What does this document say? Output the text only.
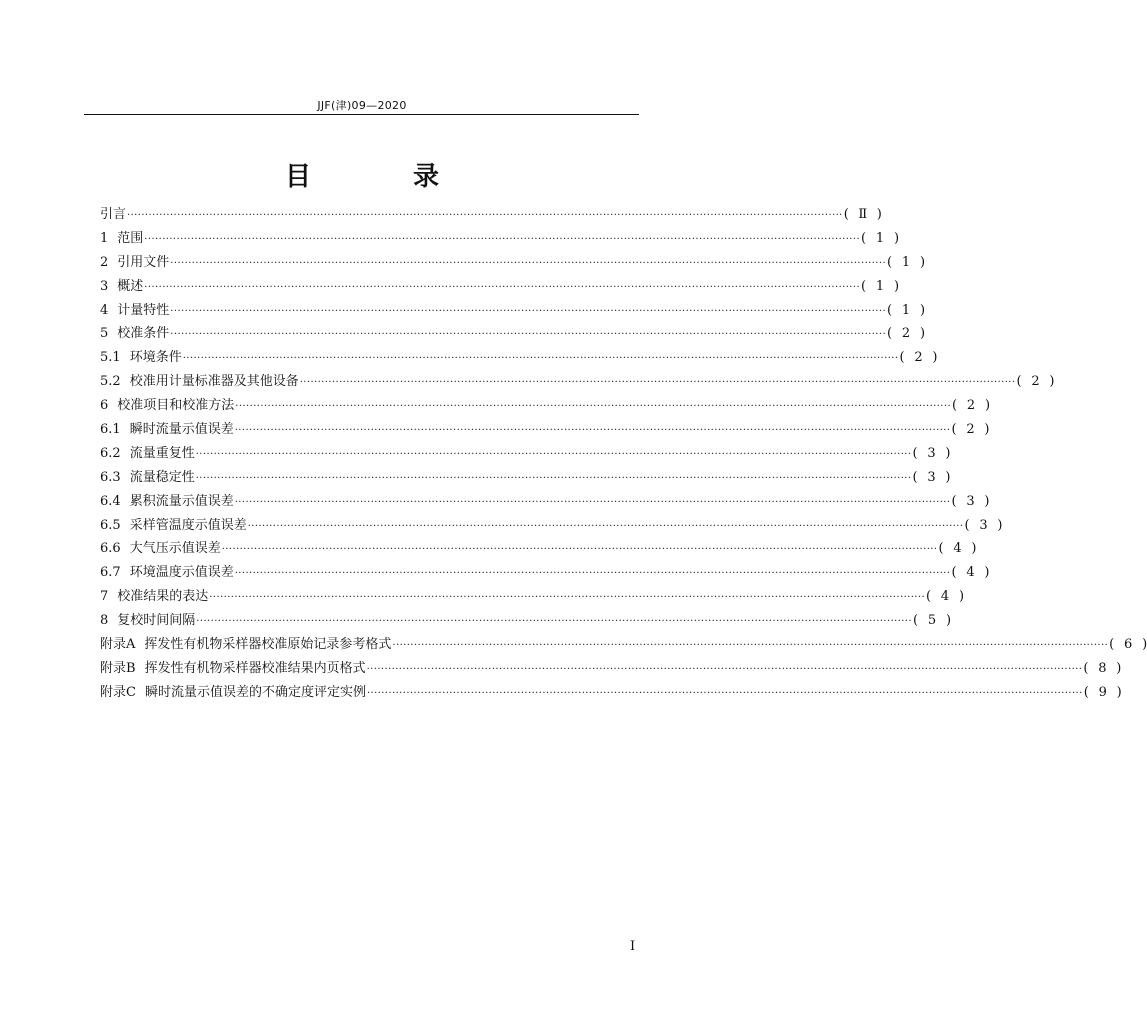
JJF(津)09—2020
目　录
引言 ········································································································································································································ ( Ⅱ )
1 范围 ········································································································································································································ ( 1 )
2 引用文件 ········································································································································································································ ( 1 )
3 概述 ········································································································································································································ ( 1 )
4 计量特性 ········································································································································································································ ( 1 )
5 校准条件 ········································································································································································································ ( 2 )
5.1 环境条件 ········································································································································································································ ( 2 )
5.2 校准用计量标准器及其他设备 ········································································································································································································ ( 2 )
6 校准项目和校准方法 ········································································································································································································ ( 2 )
6.1 瞬时流量示值误差 ········································································································································································································ ( 2 )
6.2 流量重复性 ········································································································································································································ ( 3 )
6.3 流量稳定性 ········································································································································································································ ( 3 )
6.4 累积流量示值误差 ········································································································································································································ ( 3 )
6.5 采样管温度示值误差 ········································································································································································································ ( 3 )
6.6 大气压示值误差 ········································································································································································································ ( 4 )
6.7 环境温度示值误差 ········································································································································································································ ( 4 )
7 校准结果的表达 ········································································································································································································ ( 4 )
8 复校时间间隔 ········································································································································································································ ( 5 )
附录A 挥发性有机物采样器校准原始记录参考格式 ········································································································································································································ ( 6 )
附录B 挥发性有机物采样器校准结果内页格式 ········································································································································································································ ( 8 )
附录C 瞬时流量示值误差的不确定度评定实例 ········································································································································································································ ( 9 )
I
